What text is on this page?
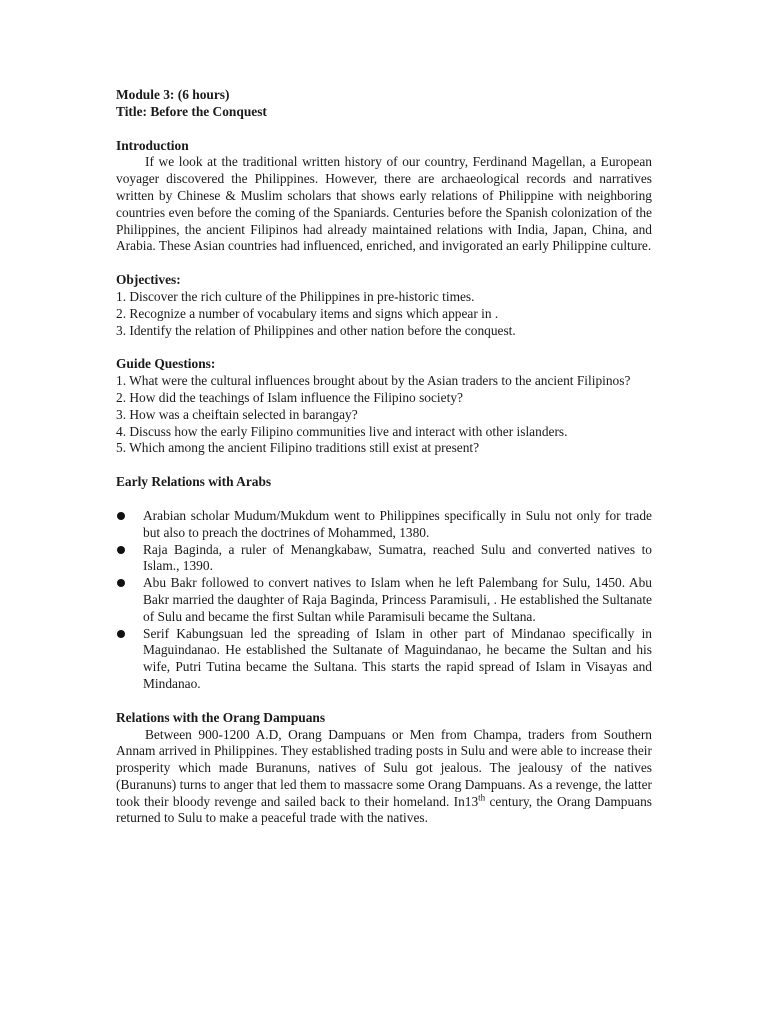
Module 3: (6 hours)
Title: Before the Conquest
Introduction

If we look at the traditional written history of our country, Ferdinand Magellan, a European voyager discovered the Philippines. However, there are archaeological records and narratives written by Chinese & Muslim scholars that shows early relations of Philippine with neighboring countries even before the coming of the Spaniards. Centuries before the Spanish colonization of the Philippines, the ancient Filipinos had already maintained relations with India, Japan, China, and Arabia. These Asian countries had influenced, enriched, and invigorated an early Philippine culture.

Objectives:
1. Discover the rich culture of the Philippines in pre-historic times.
2. Recognize a number of vocabulary items and signs which appear in .
3. Identify the relation of Philippines and other nation before the conquest.
Guide Questions:
1. What were the cultural influences brought about by the Asian traders to the ancient Filipinos?
2. How did the teachings of Islam influence the Filipino society?
3. How was a cheiftain selected in barangay?
4. Discuss how the early Filipino communities live and interact with other islanders.
5. Which among the ancient Filipino traditions still exist at present?
Early Relations with Arabs
Arabian scholar Mudum/Mukdum went to Philippines specifically in Sulu not only for trade but also to preach the doctrines of Mohammed, 1380.
Raja Baginda, a ruler of Menangkabaw, Sumatra, reached Sulu and converted natives to Islam., 1390.
Abu Bakr followed to convert natives to Islam when he left Palembang for Sulu, 1450. Abu Bakr married the daughter of Raja Baginda, Princess Paramisuli, . He established the Sultanate of Sulu and became the first Sultan while Paramisuli became the Sultana.
Serif Kabungsuan led the spreading of Islam in other part of Mindanao specifically in Maguindanao. He established the Sultanate of Maguindanao, he became the Sultan and his wife, Putri Tutina became the Sultana. This starts the rapid spread of Islam in Visayas and Mindanao.
Relations with the Orang Dampuans

Between 900-1200 A.D, Orang Dampuans or Men from Champa, traders from Southern Annam arrived in Philippines. They established trading posts in Sulu and were able to increase their prosperity which made Buranuns, natives of Sulu got jealous. The jealousy of the natives (Buranuns) turns to anger that led them to massacre some Orang Dampuans. As a revenge, the latter took their bloody revenge and sailed back to their homeland. In13th century, the Orang Dampuans returned to Sulu to make a peaceful trade with the natives.
